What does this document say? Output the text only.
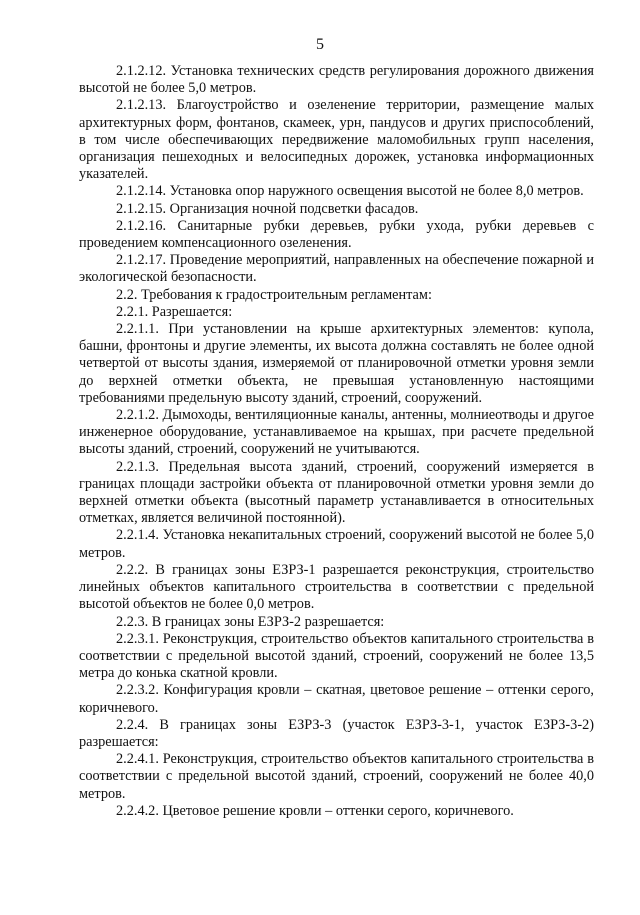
5

2.1.2.12. Установка технических средств регулирования дорожного движения высотой не более 5,0 метров.

2.1.2.13. Благоустройство и озеленение территории, размещение малых архитектурных форм, фонтанов, скамеек, урн, пандусов и других приспособлений, в том числе обеспечивающих передвижение маломобильных групп населения, организация пешеходных и велосипедных дорожек, установка информационных указателей.

2.1.2.14. Установка опор наружного освещения высотой не более 8,0 метров.

2.1.2.15. Организация ночной подсветки фасадов.

2.1.2.16. Санитарные рубки деревьев, рубки ухода, рубки деревьев с проведением компенсационного озеленения.

2.1.2.17. Проведение мероприятий, направленных на обеспечение пожарной и экологической безопасности.

2.2. Требования к градостроительным регламентам:

2.2.1. Разрешается:

2.2.1.1. При установлении на крыше архитектурных элементов: купола, башни, фронтоны и другие элементы, их высота должна составлять не более одной четвертой от высоты здания, измеряемой от планировочной отметки уровня земли до верхней отметки объекта, не превышая установленную настоящими требованиями предельную высоту зданий, строений, сооружений.

2.2.1.2. Дымоходы, вентиляционные каналы, антенны, молниеотводы и другое инженерное оборудование, устанавливаемое на крышах, при расчете предельной высоты зданий, строений, сооружений не учитываются.

2.2.1.3. Предельная высота зданий, строений, сооружений измеряется в границах площади застройки объекта от планировочной отметки уровня земли до верхней отметки объекта (высотный параметр устанавливается в относительных отметках, является величиной постоянной).

2.2.1.4. Установка некапитальных строений, сооружений высотой не более 5,0 метров.

2.2.2. В границах зоны ЕЗРЗ-1 разрешается реконструкция, строительство линейных объектов капитального строительства в соответствии с предельной высотой объектов не более 0,0 метров.

2.2.3. В границах зоны ЕЗРЗ-2 разрешается:

2.2.3.1. Реконструкция, строительство объектов капитального строительства в соответствии с предельной высотой зданий, строений, сооружений не более 13,5 метра до конька скатной кровли.

2.2.3.2. Конфигурация кровли – скатная, цветовое решение – оттенки серого, коричневого.

2.2.4. В границах зоны ЕЗРЗ-3 (участок ЕЗРЗ-3-1, участок ЕЗРЗ-3-2) разрешается:

2.2.4.1. Реконструкция, строительство объектов капитального строительства в соответствии с предельной высотой зданий, строений, сооружений не более 40,0 метров.

2.2.4.2. Цветовое решение кровли – оттенки серого, коричневого.
